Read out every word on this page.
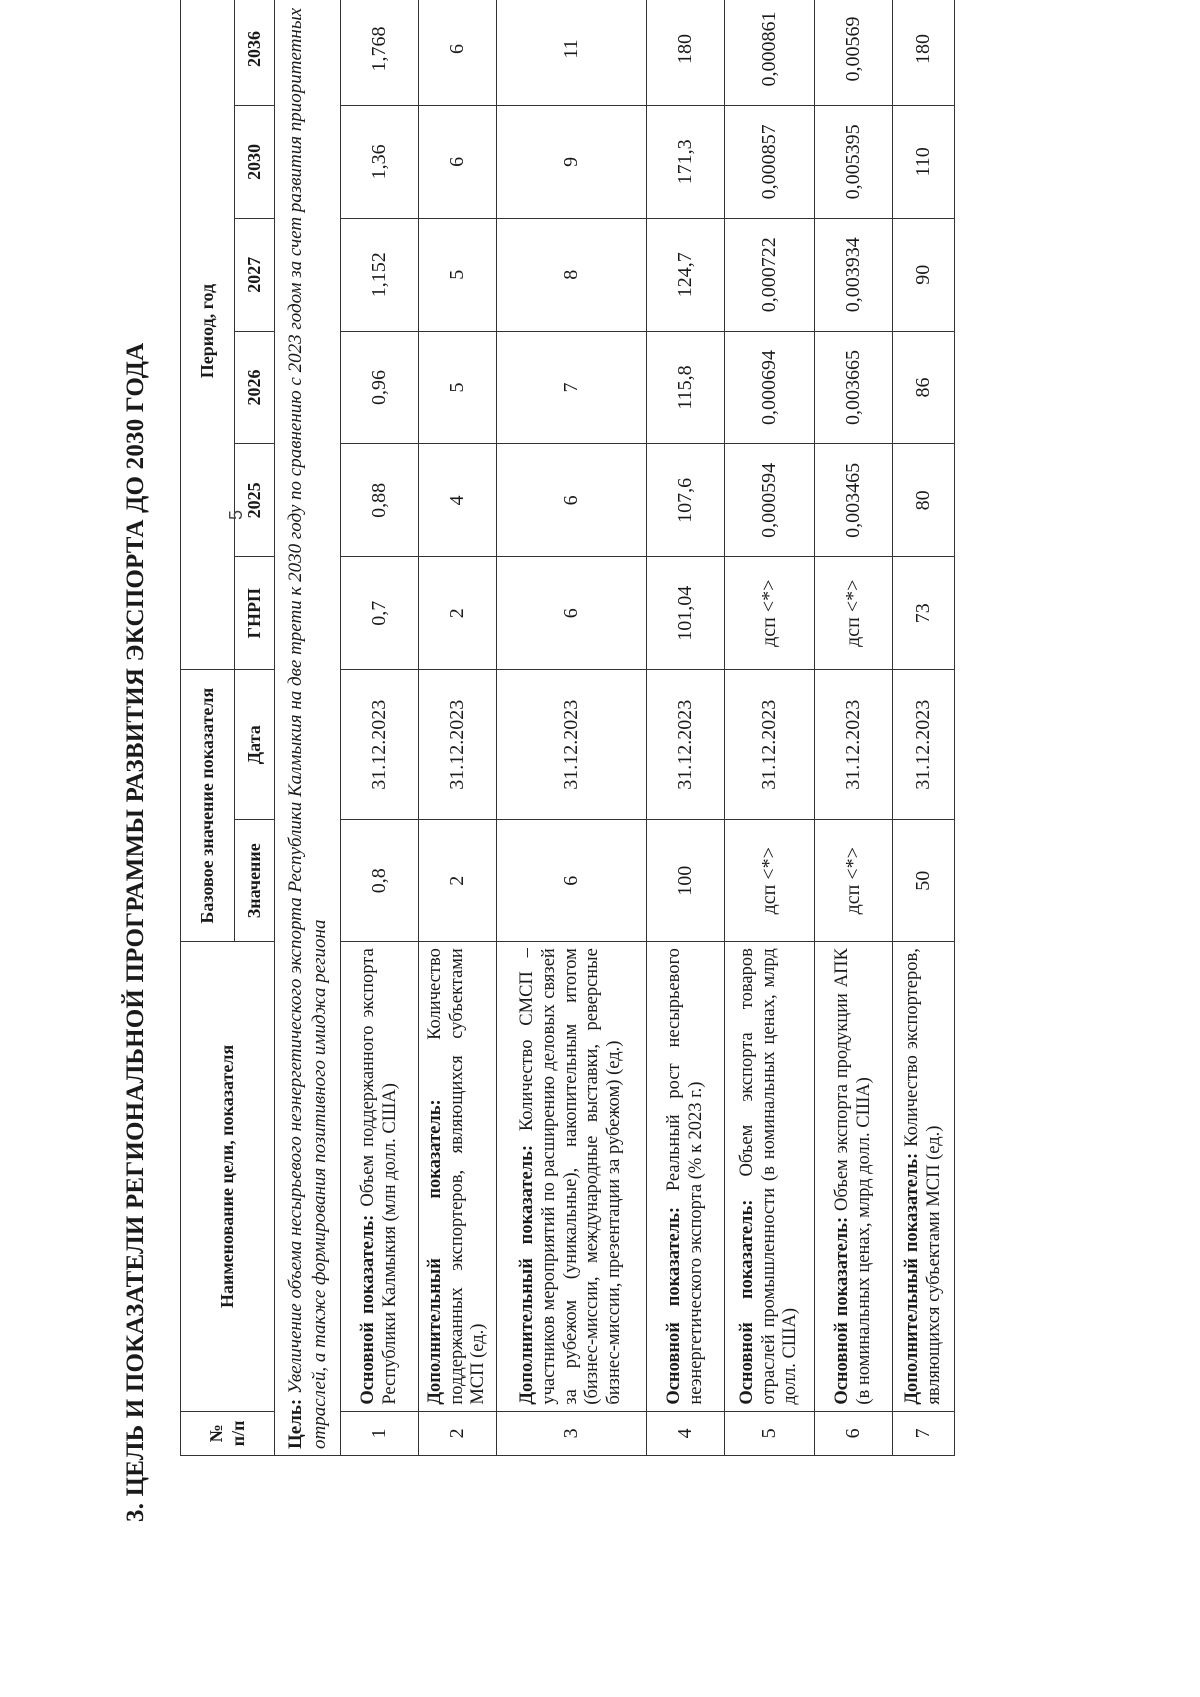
3. ЦЕЛЬ И ПОКАЗАТЕЛИ РЕГИОНАЛЬНОЙ ПРОГРАММЫ РАЗВИТИЯ ЭКСПОРТА ДО 2030 ГОДА	№ п/п	Наименование цели, показателя	Базовое значение показателя		Период, год					
		Значение	Дата	ГНРП	2025	2026	2027	2030	2036
Цель: Увеличение объема несырьевого неэнергетического экспорта Республики Калмыкия на две трети к 2030 году по сравнению с 2023 годом за счет развития приоритетных отраслей, а также формирования позитивного имиджа региона									
1	Основной показатель: Объем поддержанного экспорта Республики Калмыкия (млн долл. США)	0,8	31.12.2023	0,7	0,88	0,96	1,152	1,36	1,768
2	Дополнительный показатель: Количество поддержанных экспортеров, являющихся субъектами МСП (ед.)	2	31.12.2023	2	4	5	5	6	6
3	Дополнительный показатель: Количество СМСП – участников мероприятий по расширению деловых связей за рубежом (уникальные), накопительным итогом (бизнес-миссии, международные выставки, реверсные бизнес-миссии, презентации за рубежом) (ед.)	6	31.12.2023	6	6	7	8	9	11
4	Основной показатель: Реальный рост несырьевого неэнергетического экспорта (% к 2023 г.)	100	31.12.2023	101,04	107,6	115,8	124,7	171,3	180
5	Основной показатель: Объем экспорта товаров отраслей промышленности (в номинальных ценах, млрд долл. США)	дсп <*>	31.12.2023	дсп <*>	0,000594	0,000694	0,000722	0,000857	0,000861
6	Основной показатель: Объем экспорта продукции АПК (в номинальных ценах, млрд долл. США)	дсп <*>	31.12.2023	дсп <*>	0,003465	0,003665	0,003934	0,005395	0,00569
7	Дополнительный показатель: Количество экспортеров, являющихся субъектами МСП (ед.)	50	31.12.2023	73	80	86	90	110	180
5
